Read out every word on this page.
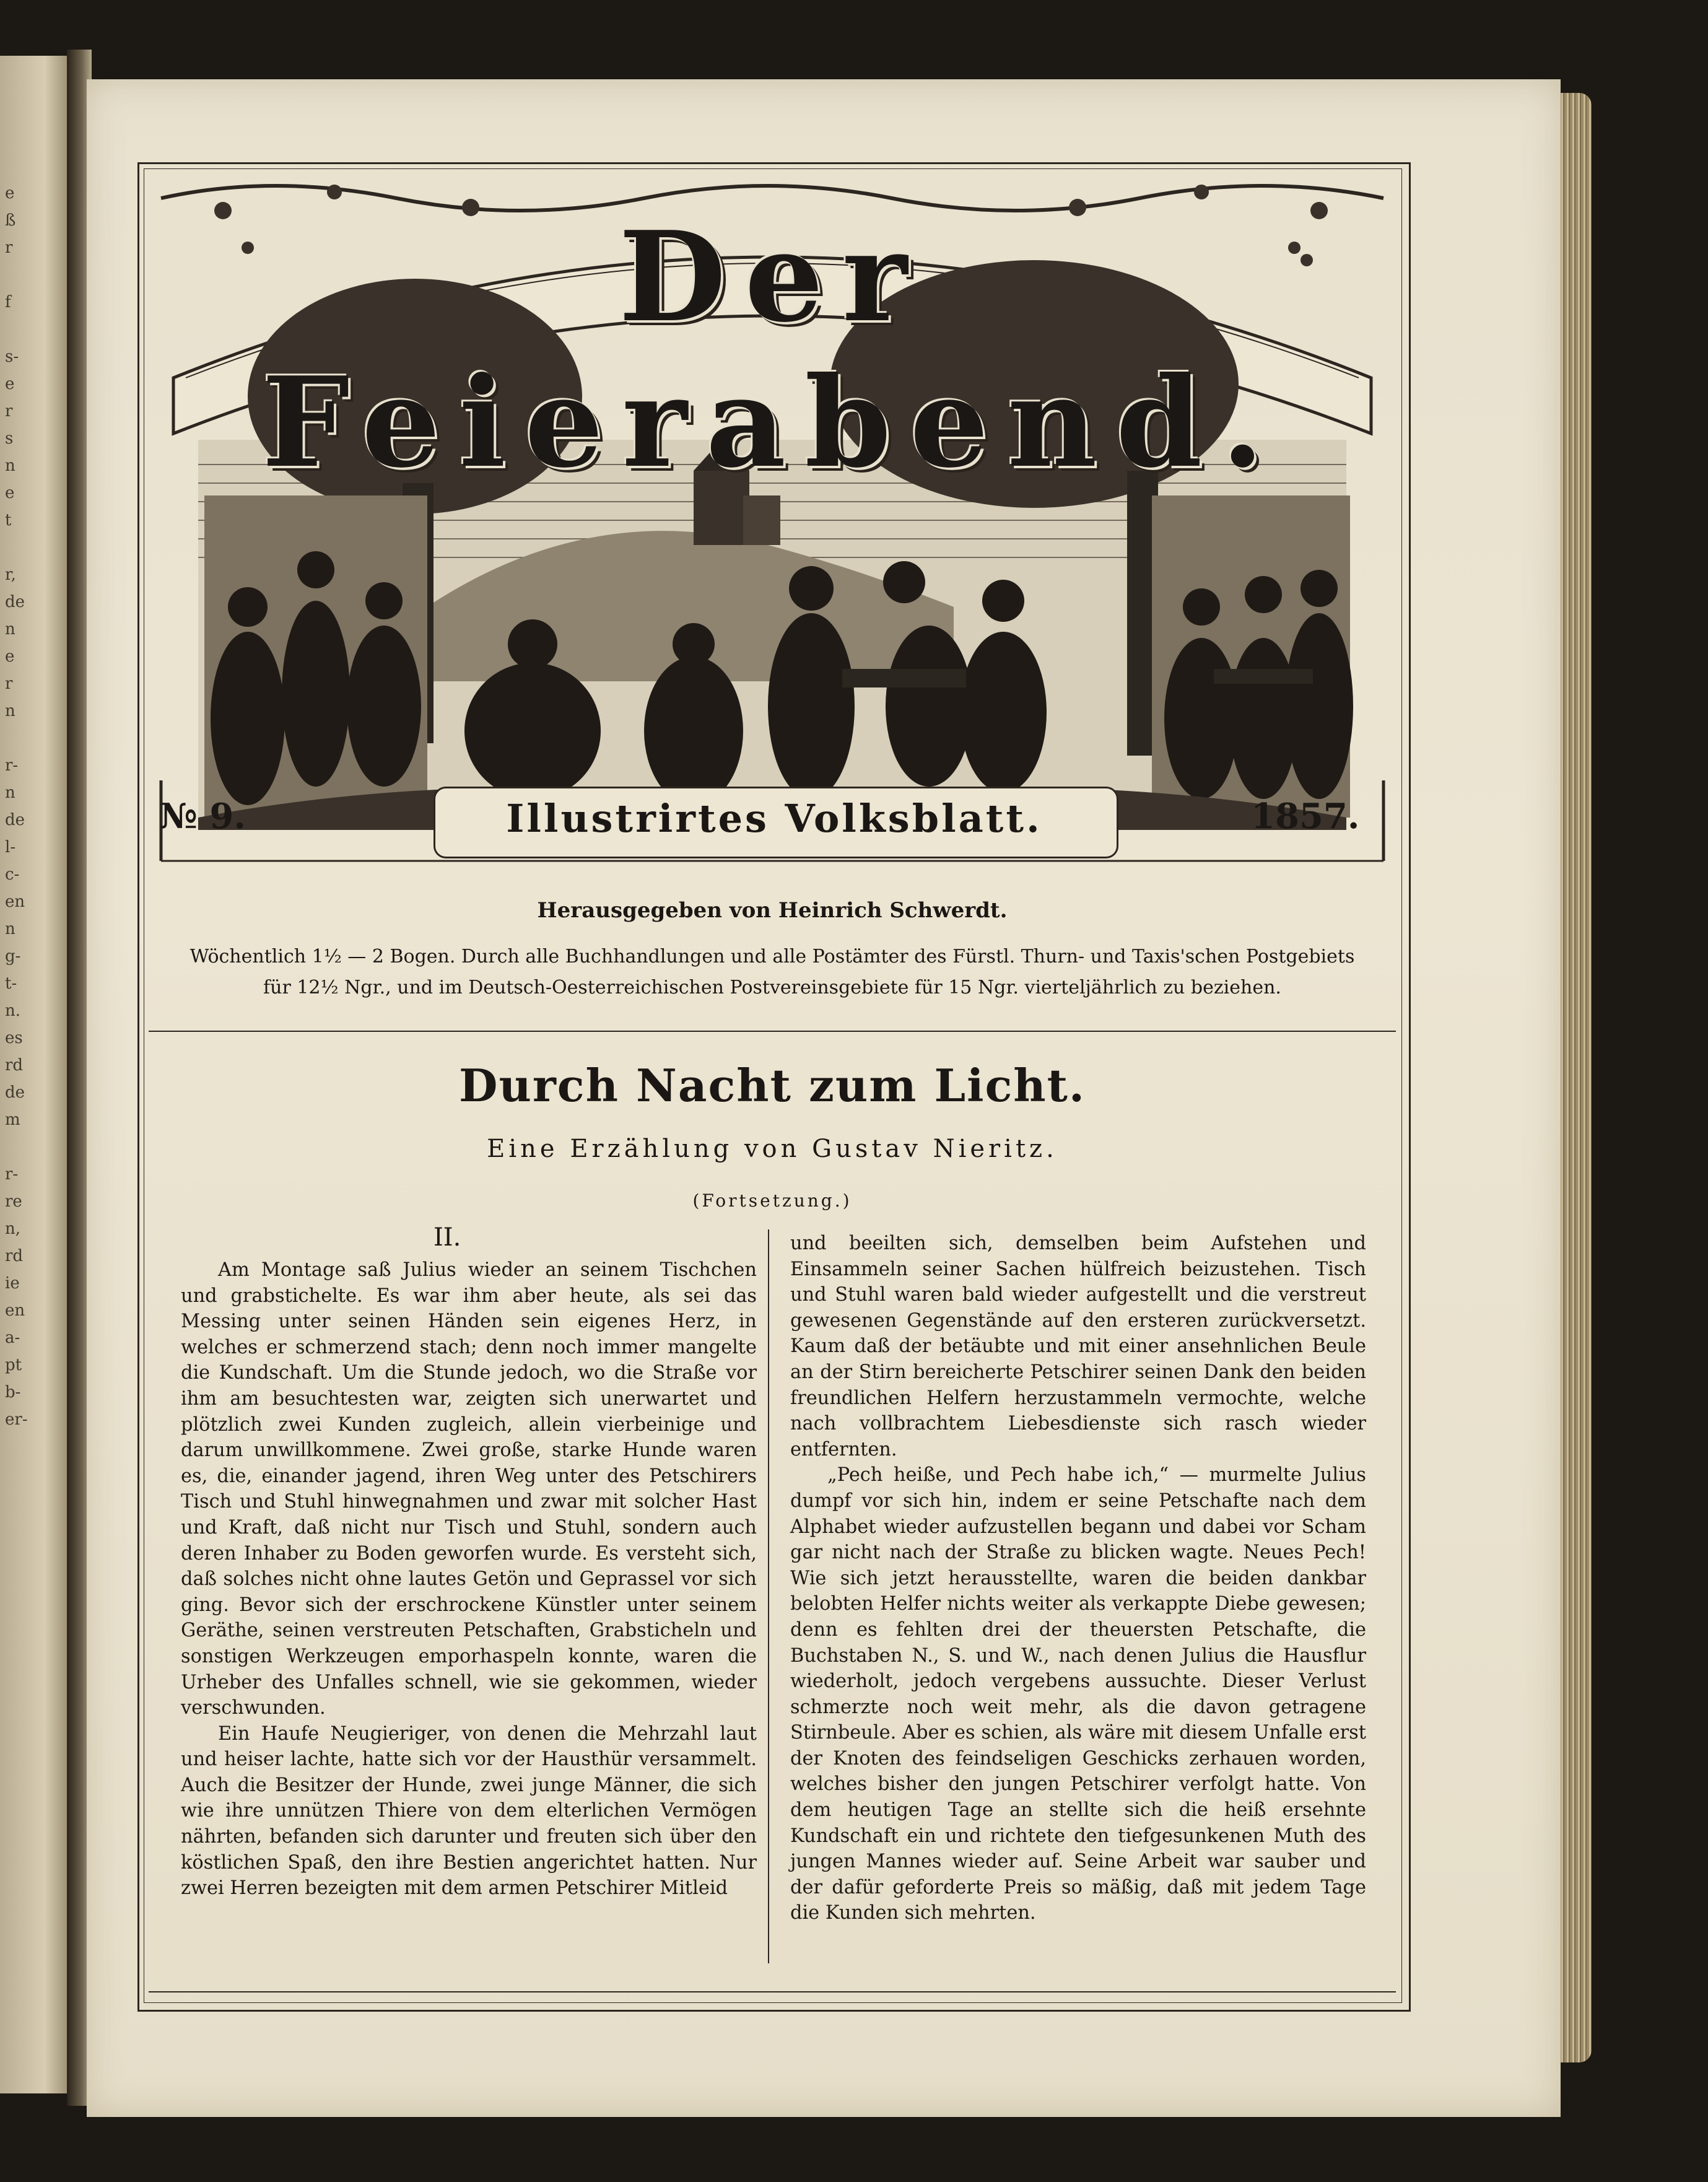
e
ß
r

f

s-
e
r
s
n
e
t

r,
de
n
e
r
n

r-
n
de
l-
c-
en
n
g-
t-
n.
es
rd
de
m

r-
re
n,
rd
ie
en
a-
pt
b-
er-
Der Feierabend.
№ 9.	Illustrirtes Volksblatt.	1857.
Herausgegeben von Heinrich Schwerdt.
Wöchentlich 1½ — 2 Bogen. Durch alle Buchhandlungen und alle Postämter des Fürstl. Thurn- und Taxis'schen Postgebiets für 12½ Ngr., und im Deutsch-Oesterreichischen Postvereinsgebiete für 15 Ngr. vierteljährlich zu beziehen.
Durch Nacht zum Licht.
Eine Erzählung von Gustav Nieritz.
(Fortsetzung.)
II.

Am Montage saß Julius wieder an seinem Tischchen und grabstichelte. Es war ihm aber heute, als sei das Messing unter seinen Händen sein eigenes Herz, in welches er schmerzend stach; denn noch immer mangelte die Kundschaft. Um die Stunde jedoch, wo die Straße vor ihm am besuchtesten war, zeigten sich unerwartet und plötzlich zwei Kunden zugleich, allein vierbeinige und darum unwillkommene. Zwei große, starke Hunde waren es, die, einander jagend, ihren Weg unter des Petschirers Tisch und Stuhl hinwegnahmen und zwar mit solcher Hast und Kraft, daß nicht nur Tisch und Stuhl, sondern auch deren Inhaber zu Boden geworfen wurde. Es versteht sich, daß solches nicht ohne lautes Getön und Geprassel vor sich ging. Bevor sich der erschrockene Künstler unter seinem Geräthe, seinen verstreuten Petschaften, Grabsticheln und sonstigen Werkzeugen emporhaspeln konnte, waren die Urheber des Unfalles schnell, wie sie gekommen, wieder verschwunden.

Ein Haufe Neugieriger, von denen die Mehrzahl laut und heiser lachte, hatte sich vor der Hausthür versammelt. Auch die Besitzer der Hunde, zwei junge Männer, die sich wie ihre unnützen Thiere von dem elterlichen Vermögen nährten, befanden sich darunter und freuten sich über den köstlichen Spaß, den ihre Bestien angerichtet hatten. Nur zwei Herren bezeigten mit dem armen Petschirer Mitleid

und beeilten sich, demselben beim Aufstehen und Einsammeln seiner Sachen hülfreich beizustehen. Tisch und Stuhl waren bald wieder aufgestellt und die verstreut gewesenen Gegenstände auf den ersteren zurückversetzt. Kaum daß der betäubte und mit einer ansehnlichen Beule an der Stirn bereicherte Petschirer seinen Dank den beiden freundlichen Helfern herzustammeln vermochte, welche nach vollbrachtem Liebesdienste sich rasch wieder entfernten.

„Pech heiße, und Pech habe ich,“ — murmelte Julius dumpf vor sich hin, indem er seine Petschafte nach dem Alphabet wieder aufzustellen begann und dabei vor Scham gar nicht nach der Straße zu blicken wagte. Neues Pech! Wie sich jetzt herausstellte, waren die beiden dankbar belobten Helfer nichts weiter als verkappte Diebe gewesen; denn es fehlten drei der theuersten Petschafte, die Buchstaben N., S. und W., nach denen Julius die Hausflur wiederholt, jedoch vergebens aussuchte. Dieser Verlust schmerzte noch weit mehr, als die davon getragene Stirnbeule. Aber es schien, als wäre mit diesem Unfalle erst der Knoten des feindseligen Geschicks zerhauen worden, welches bisher den jungen Petschirer verfolgt hatte. Von dem heutigen Tage an stellte sich die heiß ersehnte Kundschaft ein und richtete den tiefgesunkenen Muth des jungen Mannes wieder auf. Seine Arbeit war sauber und der dafür geforderte Preis so mäßig, daß mit jedem Tage die Kunden sich mehrten.
